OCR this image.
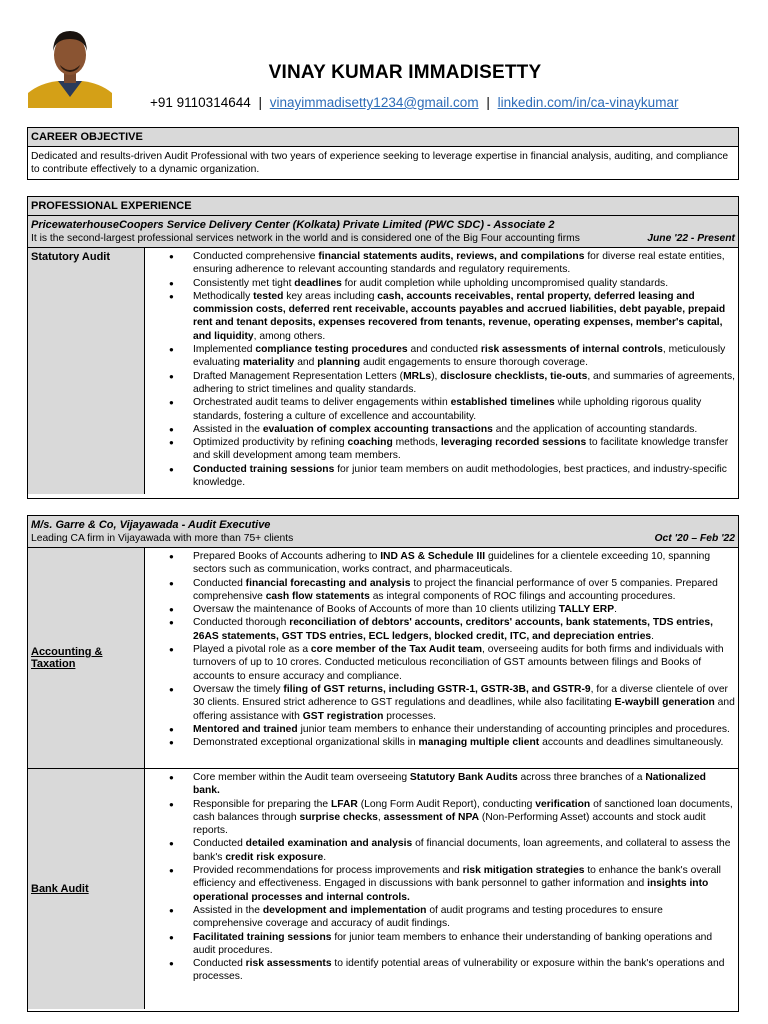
VINAY KUMAR IMMADISETTY
+91 9110314644 | vinayimmadisetty1234@gmail.com | linkedin.com/in/ca-vinaykumar
CAREER OBJECTIVE
Dedicated and results-driven Audit Professional with two years of experience seeking to leverage expertise in financial analysis, auditing, and compliance to contribute effectively to a dynamic organization.
PROFESSIONAL EXPERIENCE
PricewaterhouseCoopers Service Delivery Center (Kolkata) Private Limited (PWC SDC) - Associate 2
It is the second-largest professional services network in the world and is considered one of the Big Four accounting firms	June '22 - Present
Statutory Audit
●	Conducted comprehensive financial statements audits, reviews, and compilations for diverse real estate entities, ensuring adherence to relevant accounting standards and regulatory requirements.
● Consistently met tight deadlines for audit completion while upholding uncompromised quality standards.
● Methodically tested key areas including cash, accounts receivables, rental property, deferred leasing and commission costs, deferred rent receivable, accounts payables and accrued liabilities, debt payable, prepaid rent and tenant deposits, expenses recovered from tenants, revenue, operating expenses, member's capital, and liquidity, among others.
● Implemented compliance testing procedures and conducted risk assessments of internal controls, meticulously evaluating materiality and planning audit engagements to ensure thorough coverage.
● Drafted Management Representation Letters (MRLs), disclosure checklists, tie-outs, and summaries of agreements, adhering to strict timelines and quality standards.
● Orchestrated audit teams to deliver engagements within established timelines while upholding rigorous quality standards, fostering a culture of excellence and accountability.
● Assisted in the evaluation of complex accounting transactions and the application of accounting standards.
● Optimized productivity by refining coaching methods, leveraging recorded sessions to facilitate knowledge transfer and skill development among team members.
● Conducted training sessions for junior team members on audit methodologies, best practices, and industry-specific knowledge.
M/s. Garre & Co, Vijayawada - Audit Executive
Leading CA firm in Vijayawada with more than 75+ clients	Oct '20 – Feb '22
Accounting & Taxation
● Prepared Books of Accounts adhering to IND AS & Schedule III guidelines for a clientele exceeding 10, spanning sectors such as communication, works contract, and pharmaceuticals.
● Conducted financial forecasting and analysis to project the financial performance of over 5 companies. Prepared comprehensive cash flow statements as integral components of ROC filings and accounting procedures.
● Oversaw the maintenance of Books of Accounts of more than 10 clients utilizing TALLY ERP.
● Conducted thorough reconciliation of debtors' accounts, creditors' accounts, bank statements, TDS entries, 26AS statements, GST TDS entries, ECL ledgers, blocked credit, ITC, and depreciation entries.
● Played a pivotal role as a core member of the Tax Audit team, overseeing audits for both firms and individuals with turnovers of up to 10 crores. Conducted meticulous reconciliation of GST amounts between filings and Books of accounts to ensure accuracy and compliance.
● Oversaw the timely filing of GST returns, including GSTR-1, GSTR-3B, and GSTR-9, for a diverse clientele of over 30 clients. Ensured strict adherence to GST regulations and deadlines, while also facilitating E-waybill generation and offering assistance with GST registration processes.
● Mentored and trained junior team members to enhance their understanding of accounting principles and procedures.
● Demonstrated exceptional organizational skills in managing multiple client accounts and deadlines simultaneously.
Bank Audit
● Core member within the Audit team overseeing Statutory Bank Audits across three branches of a Nationalized bank.
● Responsible for preparing the LFAR (Long Form Audit Report), conducting verification of sanctioned loan documents, cash balances through surprise checks, assessment of NPA (Non-Performing Asset) accounts and stock audit reports.
● Conducted detailed examination and analysis of financial documents, loan agreements, and collateral to assess the bank's credit risk exposure.
● Provided recommendations for process improvements and risk mitigation strategies to enhance the bank's overall efficiency and effectiveness. Engaged in discussions with bank personnel to gather information and insights into operational processes and internal controls.
● Assisted in the development and implementation of audit programs and testing procedures to ensure comprehensive coverage and accuracy of audit findings.
● Facilitated training sessions for junior team members to enhance their understanding of banking operations and audit procedures.
● Conducted risk assessments to identify potential areas of vulnerability or exposure within the bank's operations and processes.
